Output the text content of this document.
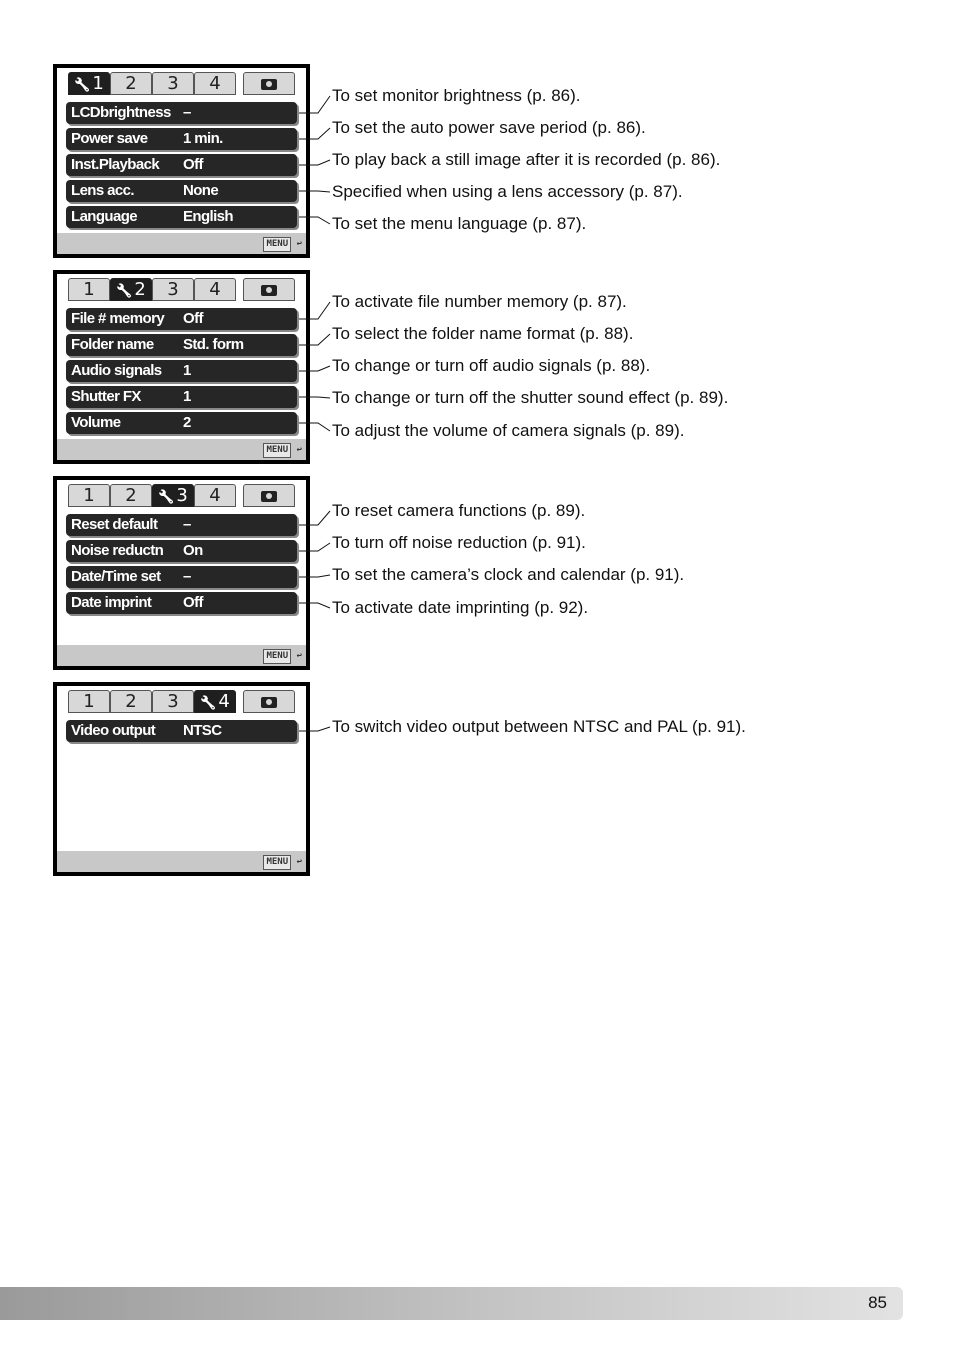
🔧 1	2	3	4
LCDbrightness –
Power save 1 min.
Inst.Playback Off
Lens acc.	None
Language	English
MENU ↩
To set monitor brightness (p. 86).
To set the auto power save period (p. 86).
To play back a still image after it is recorded (p. 86).
Specified when using a lens accessory (p. 87).
To set the menu language (p. 87).
1	🔧 2	3	4
File # memory Off
Folder name Std. form
Audio signals 1
Shutter FX	1
Volume	2
MENU ↩
To activate file number memory (p. 87).
To select the folder name format (p. 88).
To change or turn off audio signals (p. 88).
To change or turn off the shutter sound effect (p. 89).
To adjust the volume of camera signals (p. 89).
1	2	🔧 3	4
Reset default –
Noise reductn On
Date/Time set –
Date imprint Off
MENU ↩
To reset camera functions (p. 89).
To turn off noise reduction (p. 91).
To set the camera’s clock and calendar (p. 91).
To activate date imprinting (p. 92).
1	2	3	🔧 4
Video output NTSC
MENU ↩
To switch video output between NTSC and PAL (p. 91).
85
